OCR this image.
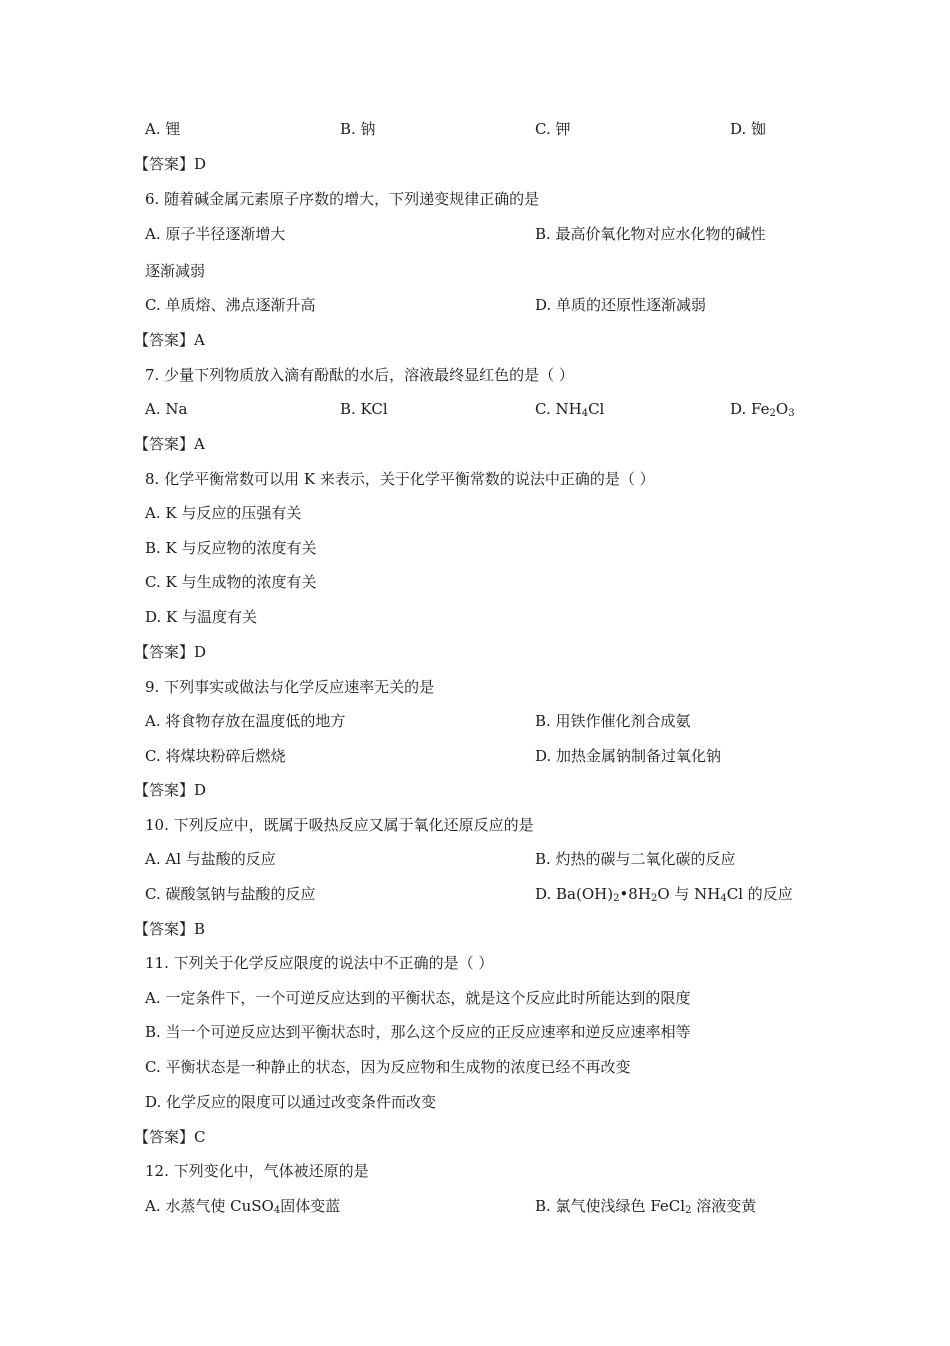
A. 锂	B. 钠	C. 钾	D. 铷
【答案】D
6. 随着碱金属元素原子序数的增大，下列递变规律正确的是
A. 原子半径逐渐增大	B. 最高价氧化物对应水化物的碱性
逐渐减弱
C. 单质熔、沸点逐渐升高	D. 单质的还原性逐渐减弱
【答案】A
7. 少量下列物质放入滴有酚酞的水后，溶液最终显红色的是（ ）
A. Na	B. KCl	C. $NH_4Cl$	D. $Fe_2O_3$
【答案】A
8. 化学平衡常数可以用 K 来表示，关于化学平衡常数的说法中正确的是（ ）
A. K 与反应的压强有关
B. K 与反应物的浓度有关
C. K 与生成物的浓度有关
D. K 与温度有关
【答案】D
9. 下列事实或做法与化学反应速率无关的是
A. 将食物存放在温度低的地方	B. 用铁作催化剂合成氨
C. 将煤块粉碎后燃烧	D. 加热金属钠制备过氧化钠
【答案】D
10. 下列反应中，既属于吸热反应又属于氧化还原反应的是
A. Al 与盐酸的反应	B. 灼热的碳与二氧化碳的反应
C. 碳酸氢钠与盐酸的反应	D. $Ba(OH)_2•8H_2O$ 与 $NH_4Cl$ 的反应
【答案】B
11. 下列关于化学反应限度的说法中不正确的是（ ）
A. 一定条件下，一个可逆反应达到的平衡状态，就是这个反应此时所能达到的限度
B. 当一个可逆反应达到平衡状态时，那么这个反应的正反应速率和逆反应速率相等
C. 平衡状态是一种静止的状态，因为反应物和生成物的浓度已经不再改变
D. 化学反应的限度可以通过改变条件而改变
【答案】C
12. 下列变化中，气体被还原的是
A. 水蒸气使 CuSO$_4$固体变蓝	B. 氯气使浅绿色 FeCl$_2$ 溶液变黄
